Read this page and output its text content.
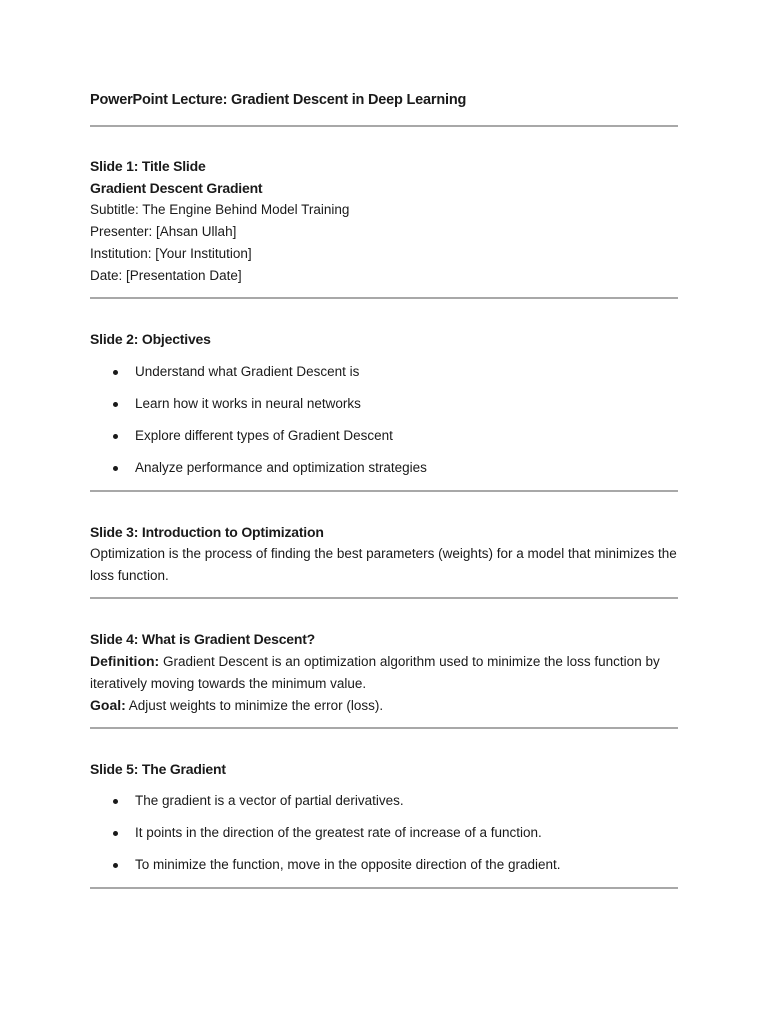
PowerPoint Lecture: Gradient Descent in Deep Learning
Slide 1: Title Slide
Gradient Descent Gradient
Subtitle: The Engine Behind Model Training
Presenter: [Ahsan Ullah]
Institution: [Your Institution]
Date: [Presentation Date]
Slide 2: Objectives
Understand what Gradient Descent is
Learn how it works in neural networks
Explore different types of Gradient Descent
Analyze performance and optimization strategies
Slide 3: Introduction to Optimization
Optimization is the process of finding the best parameters (weights) for a model that minimizes the loss function.
Slide 4: What is Gradient Descent?
Definition: Gradient Descent is an optimization algorithm used to minimize the loss function by iteratively moving towards the minimum value.
Goal: Adjust weights to minimize the error (loss).
Slide 5: The Gradient
The gradient is a vector of partial derivatives.
It points in the direction of the greatest rate of increase of a function.
To minimize the function, move in the opposite direction of the gradient.
